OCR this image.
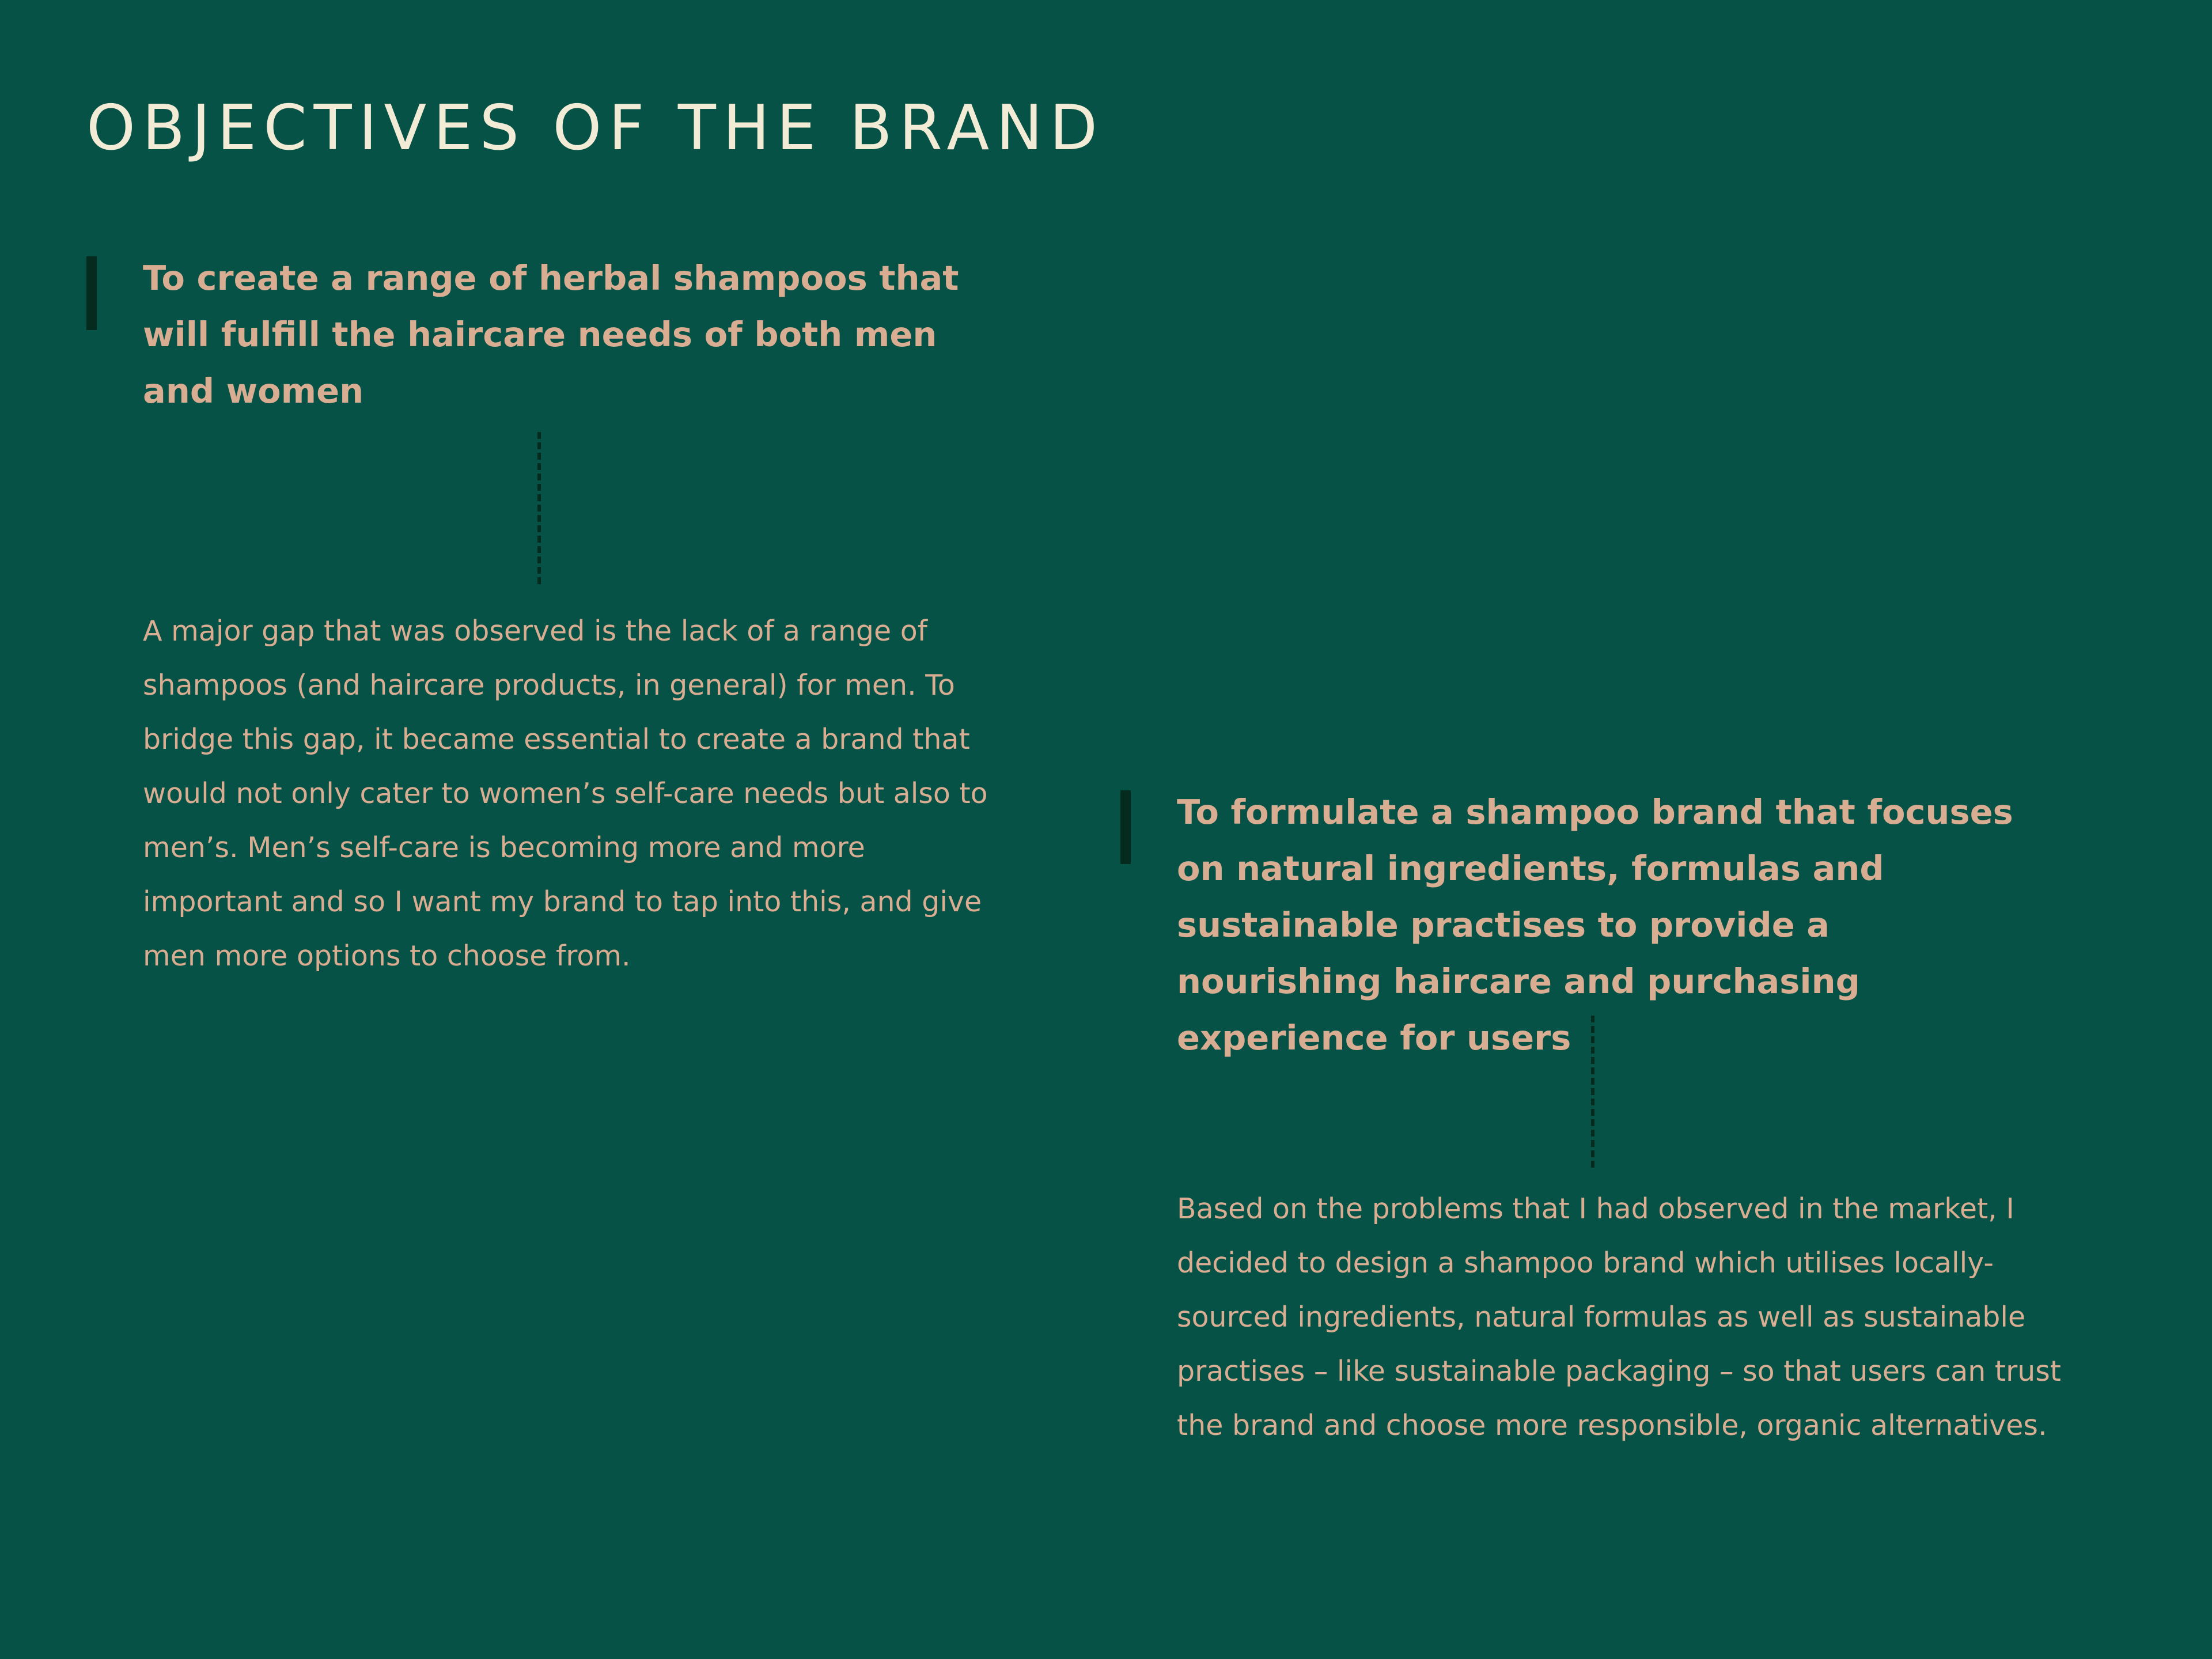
OBJECTIVES OF THE BRAND
To create a range of herbal shampoos that will fulfill the haircare needs of both men and women

A major gap that was observed is the lack of a range of shampoos (and haircare products, in general) for men. To bridge this gap, it became essential to create a brand that would not only cater to women’s self-care needs but also to men’s. Men’s self-care is becoming more and more important and so I want my brand to tap into this, and give men more options to choose from.

To formulate a shampoo brand that focuses on natural ingredients, formulas and sustainable practises to provide a nourishing haircare and purchasing experience for users

Based on the problems that I had observed in the market, I decided to design a shampoo brand which utilises locally-sourced ingredients, natural formulas as well as sustainable practises – like sustainable packaging – so that users can trust the brand and choose more responsible, organic alternatives.
